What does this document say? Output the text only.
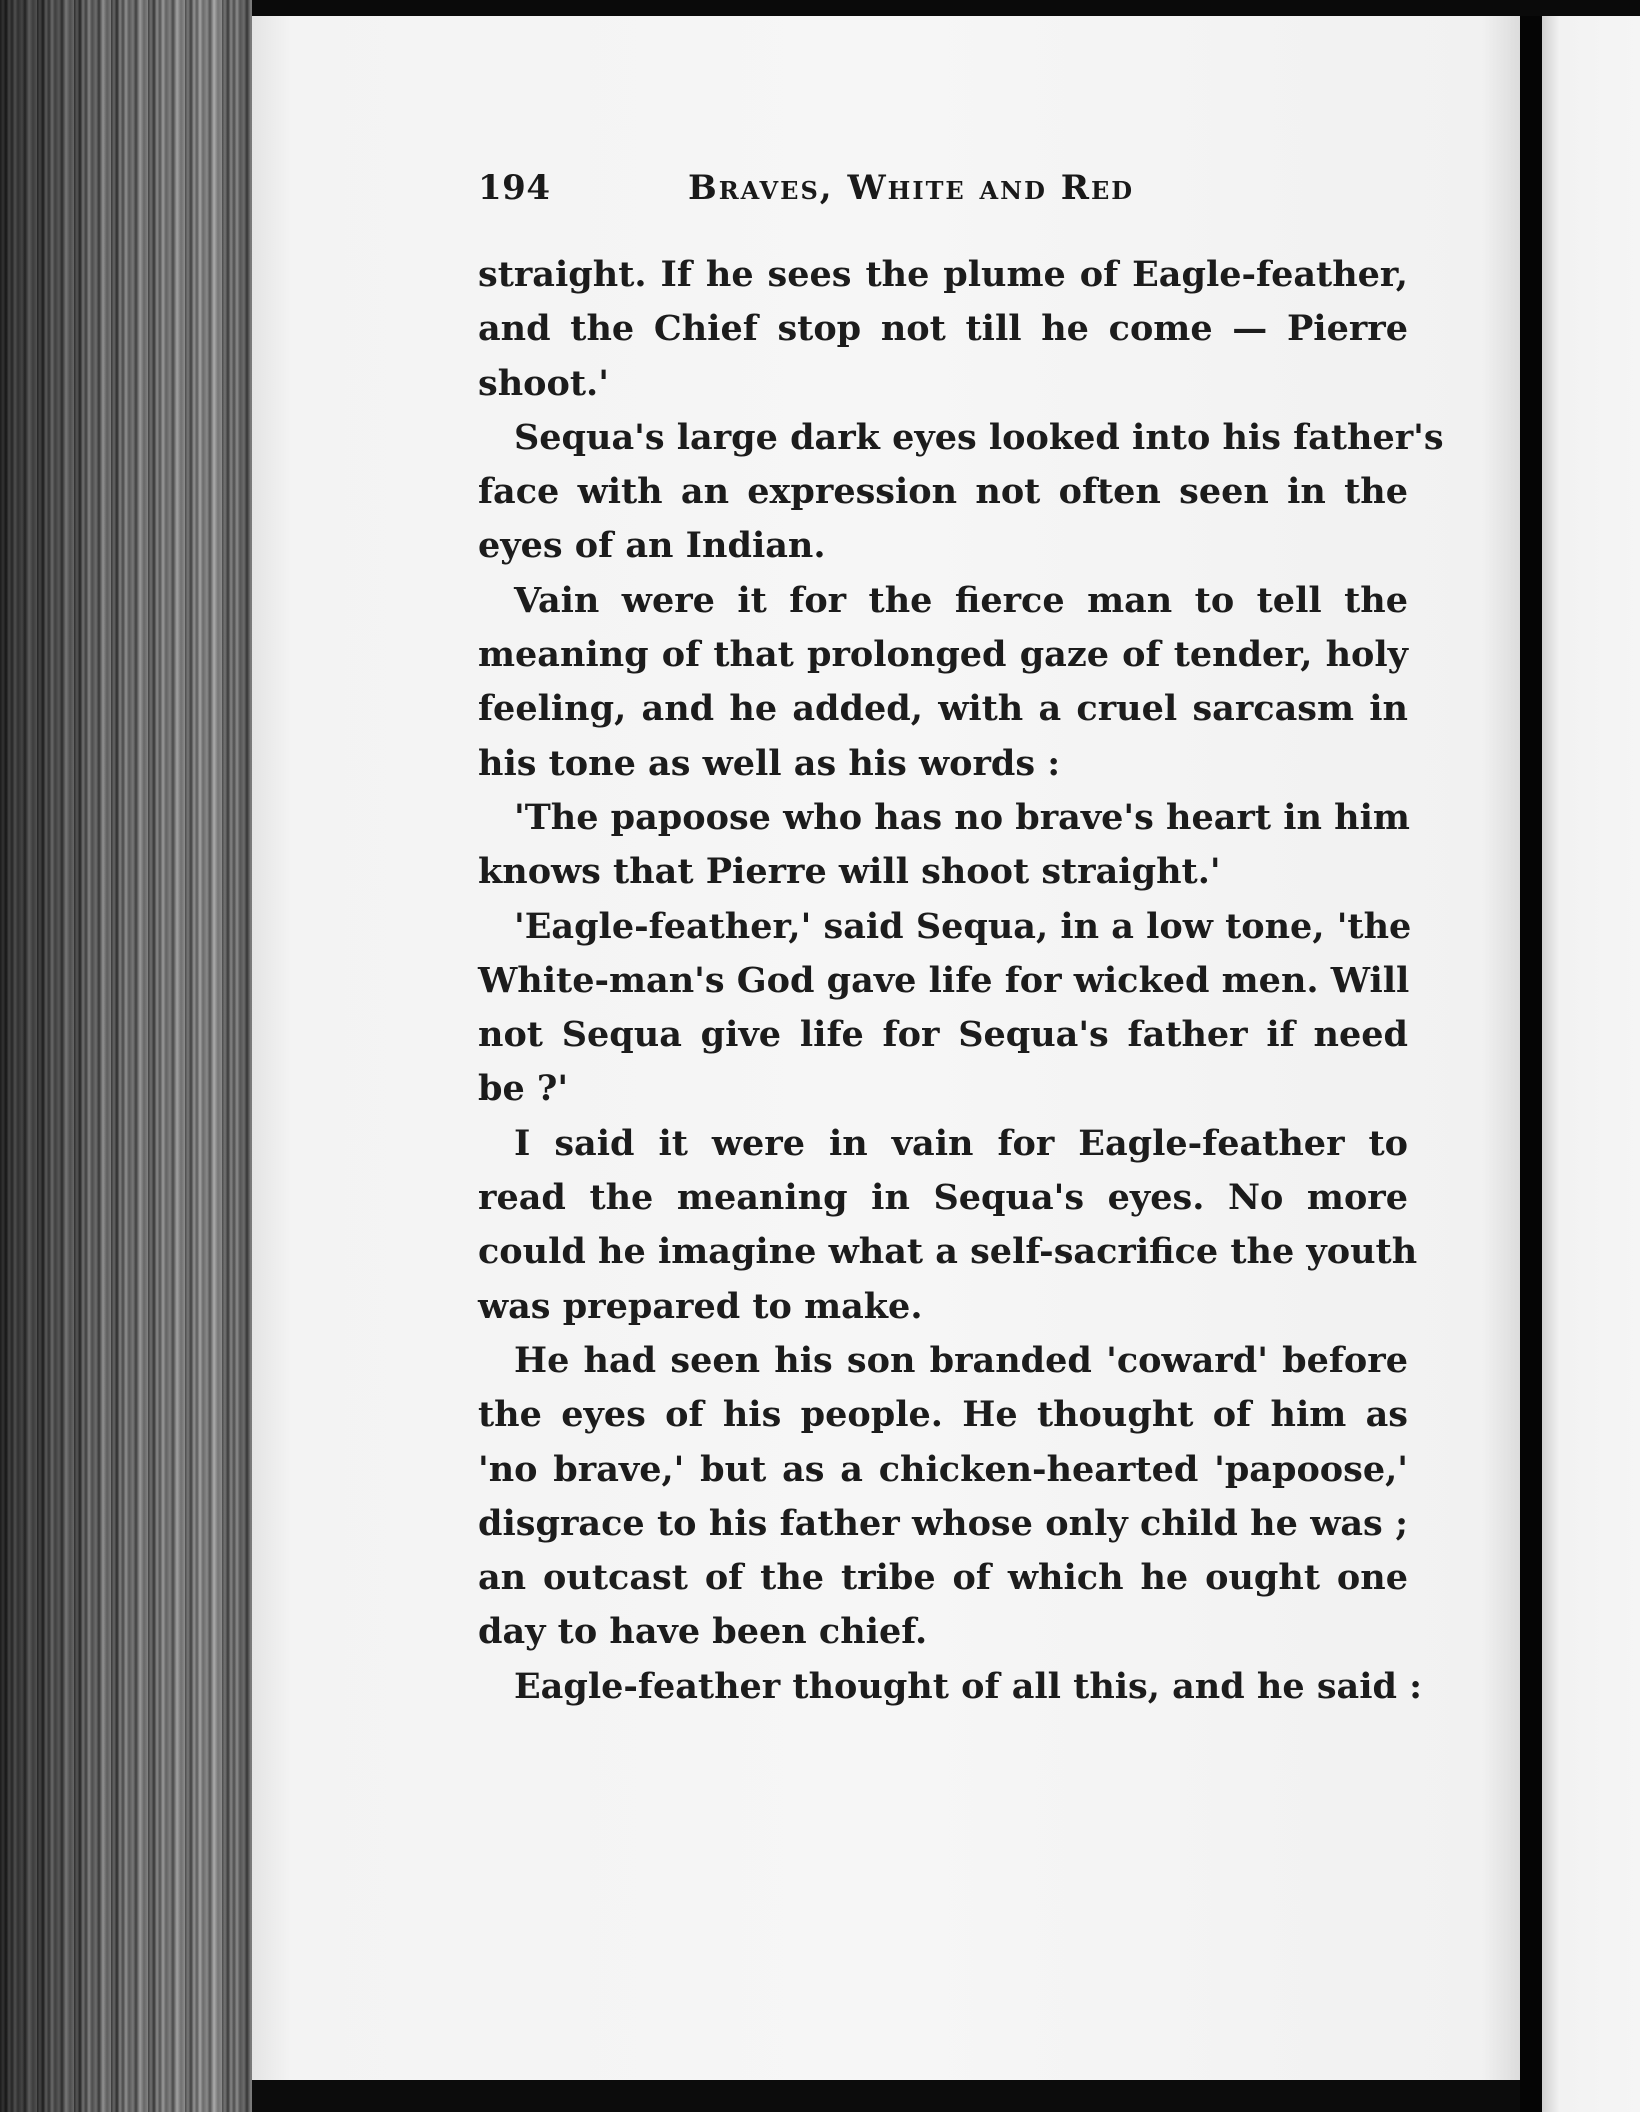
194	Braves, White and Red
straight. If he sees the plume of Eagle-feather,
and the Chief stop not till he come — Pierre
shoot.'
Sequa's large dark eyes looked into his father's
face with an expression not often seen in the
eyes of an Indian.
Vain were it for the fierce man to tell the
meaning of that prolonged gaze of tender, holy
feeling, and he added, with a cruel sarcasm in
his tone as well as his words :
'The papoose who has no brave's heart in him
knows that Pierre will shoot straight.'
'Eagle-feather,' said Sequa, in a low tone, 'the
White-man's God gave life for wicked men. Will
not Sequa give life for Sequa's father if need
be ?'
I said it were in vain for Eagle-feather to
read the meaning in Sequa's eyes. No more
could he imagine what a self-sacrifice the youth
was prepared to make.
He had seen his son branded 'coward' before
the eyes of his people. He thought of him as
'no brave,' but as a chicken-hearted 'papoose,'
disgrace to his father whose only child he was ;
an outcast of the tribe of which he ought one
day to have been chief.
Eagle-feather thought of all this, and he said :
